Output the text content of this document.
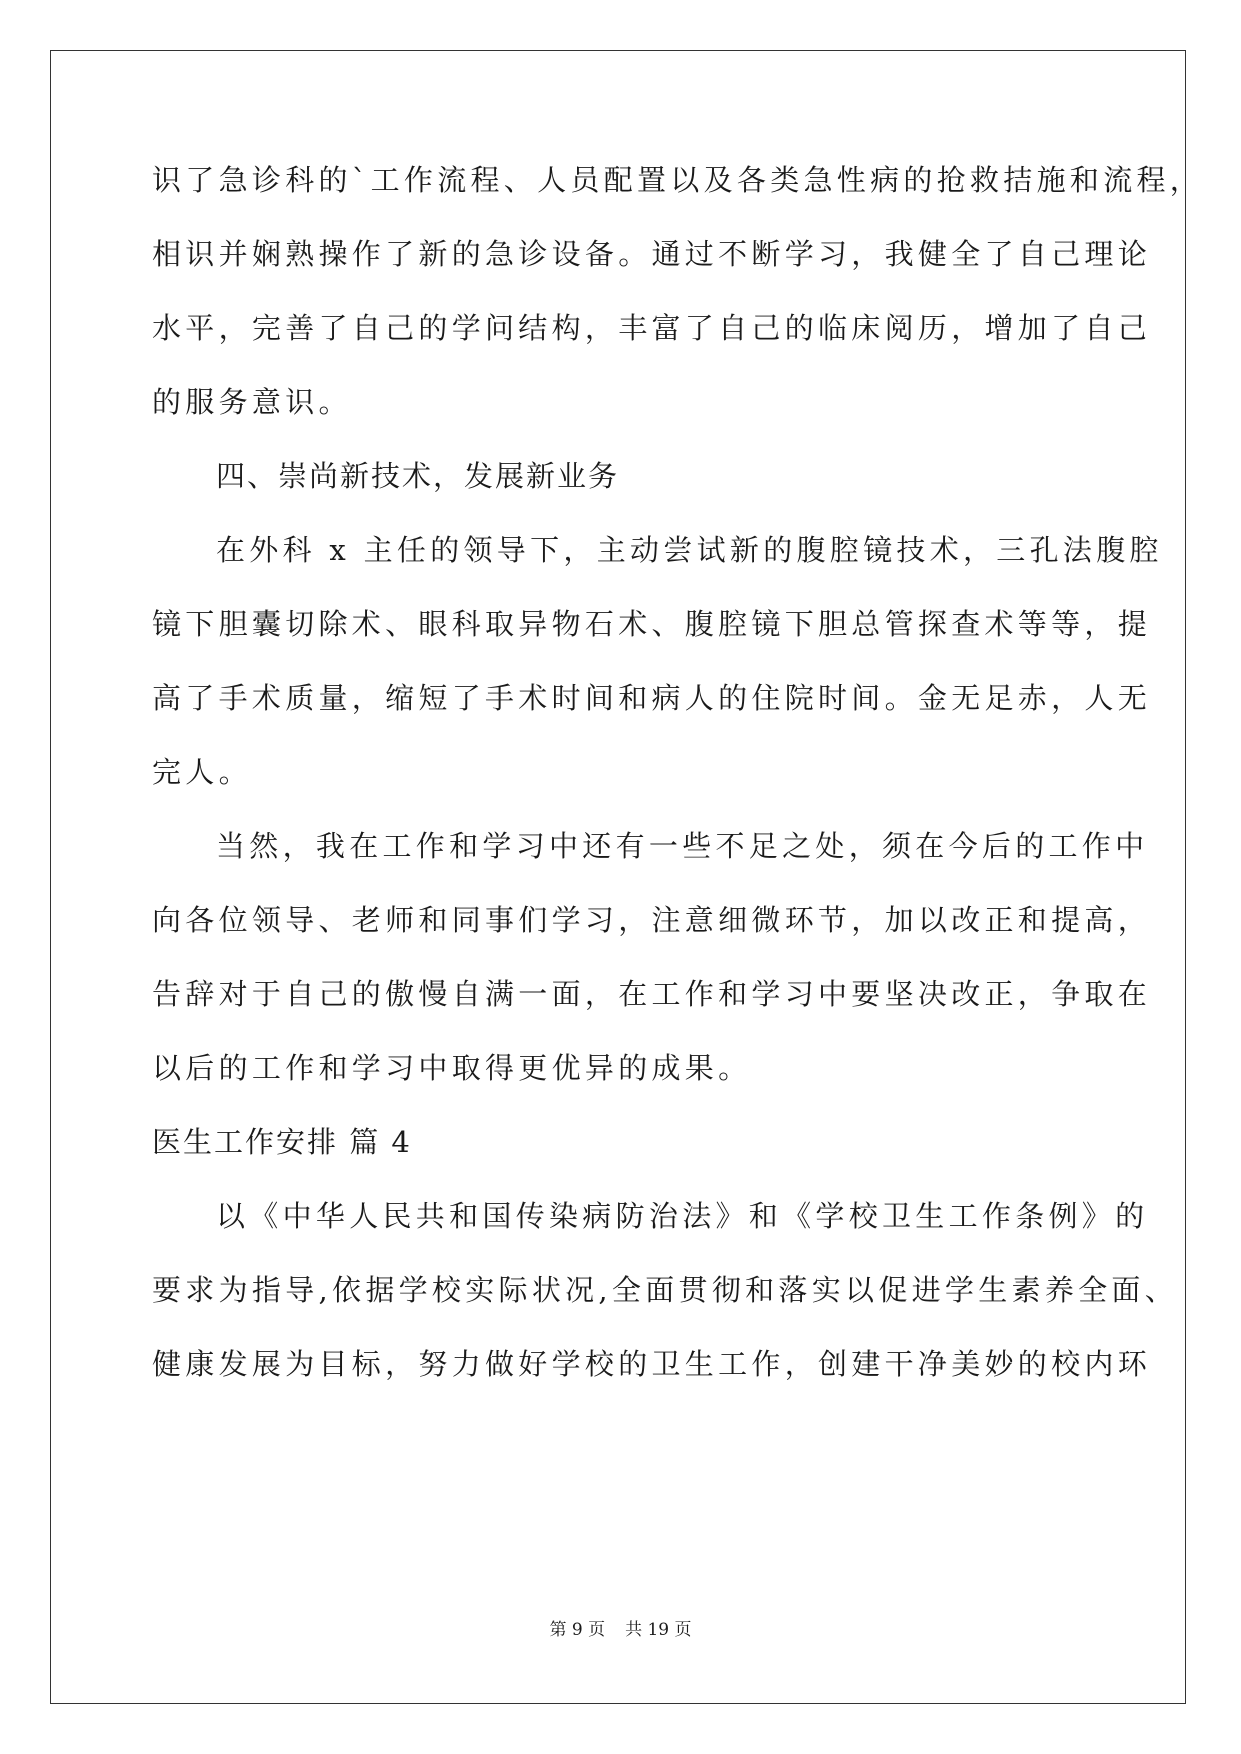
识了急诊科的`工作流程、人员配置以及各类急性病的抢救拮施和流程，
相识并娴熟操作了新的急诊设备。通过不断学习，我健全了自己理论
水平，完善了自己的学问结构，丰富了自己的临床阅历，增加了自己
的服务意识。
四、崇尚新技术，发展新业务
在外科 x 主任的领导下，主动尝试新的腹腔镜技术，三孔法腹腔
镜下胆囊切除术、眼科取异物石术、腹腔镜下胆总管探查术等等，提
高了手术质量，缩短了手术时间和病人的住院时间。金无足赤，人无
完人。
当然，我在工作和学习中还有一些不足之处，须在今后的工作中
向各位领导、老师和同事们学习，注意细微环节，加以改正和提高，
告辞对于自己的傲慢自满一面，在工作和学习中要坚决改正，争取在
以后的工作和学习中取得更优异的成果。
医生工作安排 篇 4
以《中华人民共和国传染病防治法》和《学校卫生工作条例》的
要求为指导,依据学校实际状况,全面贯彻和落实以促进学生素养全面、
健康发展为目标，努力做好学校的卫生工作，创建干净美妙的校内环
第 9 页 共 19 页
